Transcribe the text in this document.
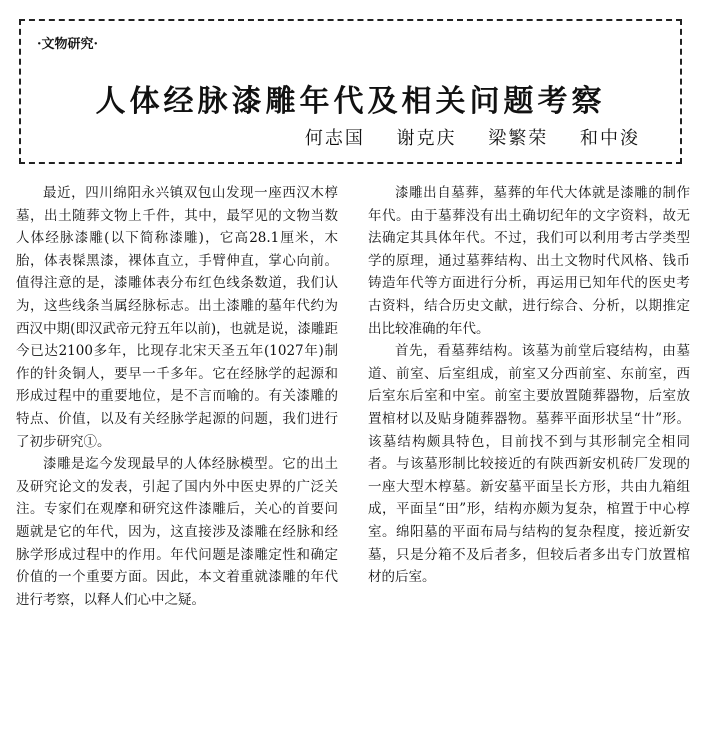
·文物研究·
人体经脉漆雕年代及相关问题考察
何志国 谢克庆 梁繁荣 和中浚

最近，四川绵阳永兴镇双包山发现一座西汉木椁墓，出土随葬文物上千件，其中，最罕见的文物当数人体经脉漆雕(以下简称漆雕)，它高28.1厘米，木胎，体表髹黑漆，裸体直立，手臂伸直，掌心向前。值得注意的是，漆雕体表分布红色线条数道，我们认为，这些线条当属经脉标志。出土漆雕的墓年代约为西汉中期(即汉武帝元狩五年以前)，也就是说，漆雕距今已达2100多年，比现存北宋天圣五年(1027年)制作的针灸铜人，要早一千多年。它在经脉学的起源和形成过程中的重要地位，是不言而喻的。有关漆雕的特点、价值，以及有关经脉学起源的问题，我们进行了初步研究①。

漆雕是迄今发现最早的人体经脉模型。它的出土及研究论文的发表，引起了国内外中医史界的广泛关注。专家们在观摩和研究这件漆雕后，关心的首要问题就是它的年代，因为，这直接涉及漆雕在经脉和经脉学形成过程中的作用。年代问题是漆雕定性和确定价值的一个重要方面。因此，本文着重就漆雕的年代进行考察，以释人们心中之疑。

漆雕出自墓葬，墓葬的年代大体就是漆雕的制作年代。由于墓葬没有出土确切纪年的文字资料，故无法确定其具体年代。不过，我们可以利用考古学类型学的原理，通过墓葬结构、出土文物时代风格、钱币铸造年代等方面进行分析，再运用已知年代的医史考古资料，结合历史文献，进行综合、分析，以期推定出比较准确的年代。

首先，看墓葬结构。该墓为前堂后寝结构，由墓道、前室、后室组成，前室又分西前室、东前室，西后室东后室和中室。前室主要放置随葬器物，后室放置棺材以及贴身随葬器物。墓葬平面形状呈“卄”形。该墓结构颇具特色，目前找不到与其形制完全相同者。与该墓形制比较接近的有陕西新安机砖厂发现的一座大型木椁墓。新安墓平面呈长方形，共由九箱组成，平面呈“田”形，结构亦颇为复杂，棺置于中心椁室。绵阳墓的平面布局与结构的复杂程度，接近新安墓，只是分箱不及后者多，但较后者多出专门放置棺材的后室。
